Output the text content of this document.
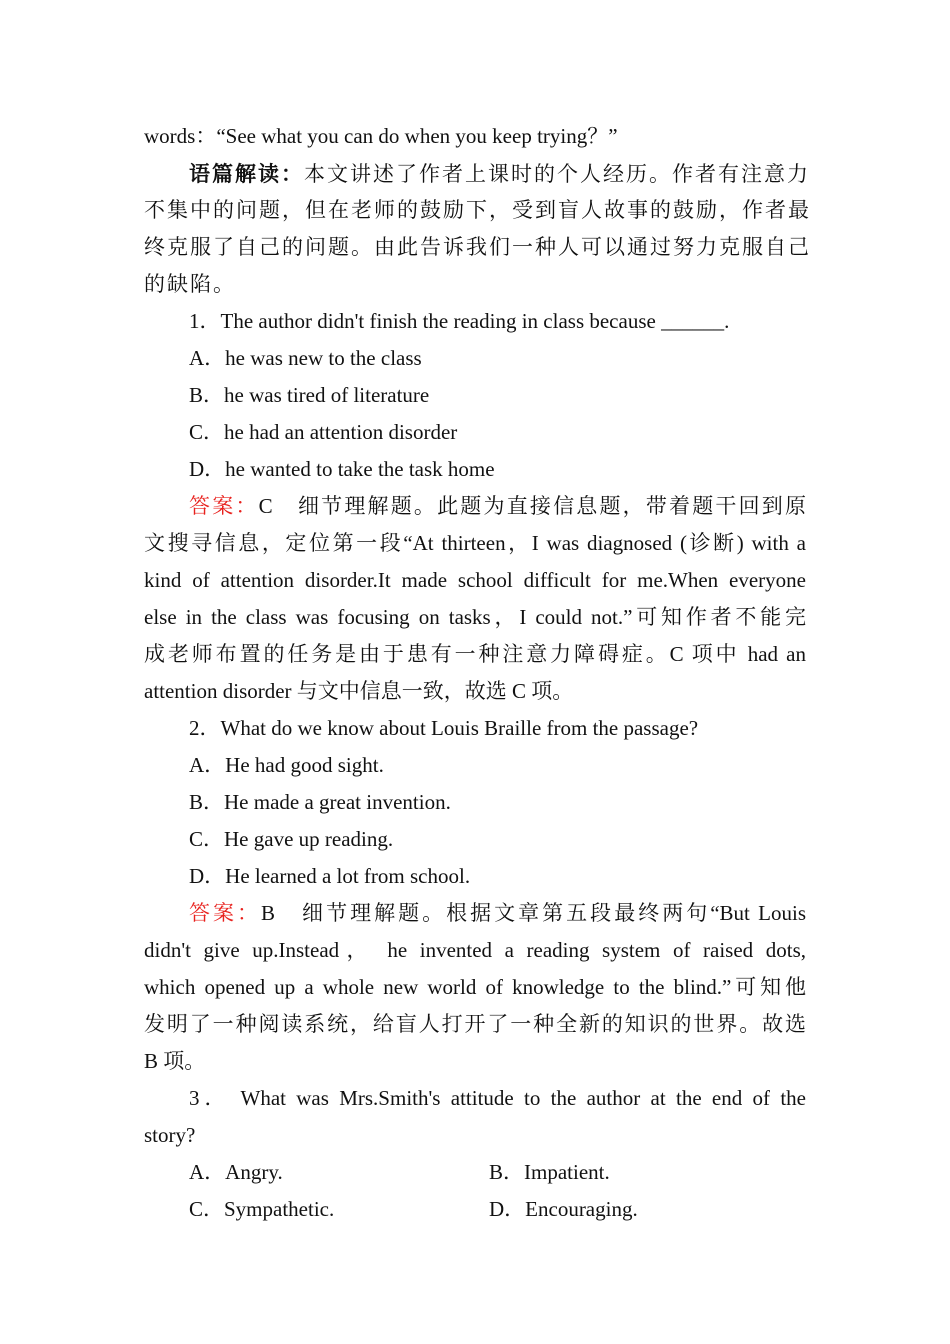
words：“See what you can do when you keep trying？”
语篇解读：本文讲述了作者上课时的个人经历。作者有注意力
不集中的问题，但在老师的鼓励下，受到盲人故事的鼓励，作者最
终克服了自己的问题。由此告诉我们一种人可以通过努力克服自己
的缺陷。
1．The author didn't finish the reading in class because ______.
A．he was new to the class
B．he was tired of literature
C．he had an attention disorder
D．he wanted to take the task home
答案：C　细节理解题。此题为直接信息题，带着题干回到原
文搜寻信息，定位第一段“At thirteen，I was diagnosed (诊断) with a
kind of attention disorder.It made school difficult for me.When everyone
else in the class was focusing on tasks，I could not.”可知作者不能完
成老师布置的任务是由于患有一种注意力障碍症。C 项中 had an
attention disorder 与文中信息一致，故选 C 项。
2．What do we know about Louis Braille from the passage?
A．He had good sight.
B．He made a great invention.
C．He gave up reading.
D．He learned a lot from school.
答案：B　细节理解题。根据文章第五段最终两句“But Louis
didn't give up.Instead， he invented a reading system of raised dots,
which opened up a whole new world of knowledge to the blind.”可知他
发明了一种阅读系统，给盲人打开了一种全新的知识的世界。故选
B 项。
3． What was Mrs.Smith's attitude to the author at the end of the
story?
A．Angry.	B．Impatient.
C．Sympathetic.	D．Encouraging.
